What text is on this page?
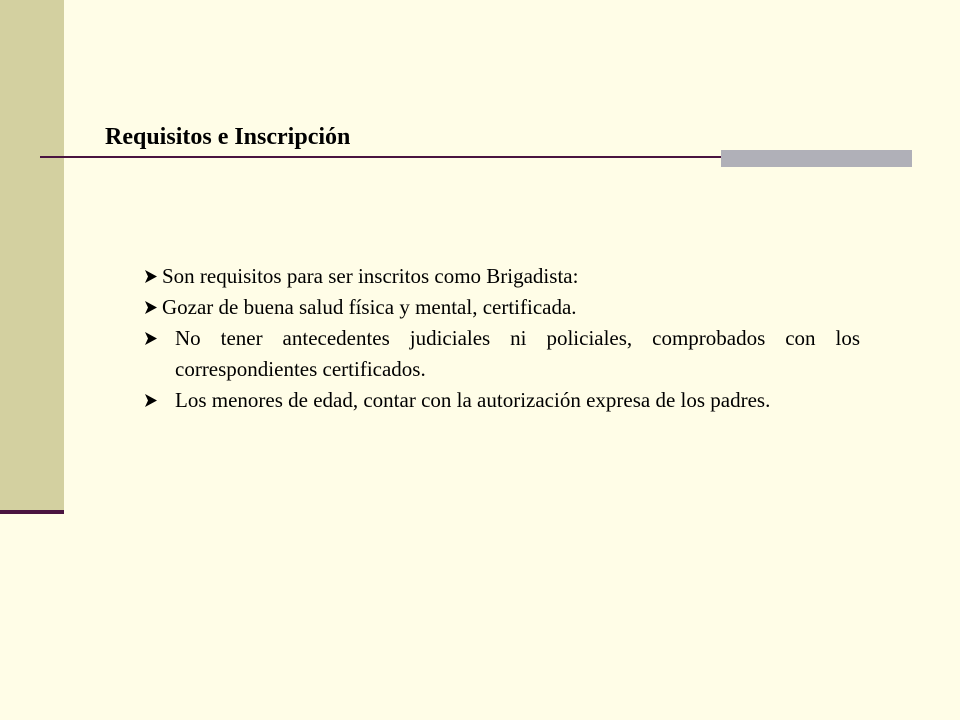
Requisitos e Inscripción
Son requisitos para ser inscritos como Brigadista:
Gozar de buena salud física y mental, certificada.
No tener antecedentes judiciales ni policiales, comprobados con los correspondientes certificados.
Los menores de edad, contar con la autorización expresa de los padres.
